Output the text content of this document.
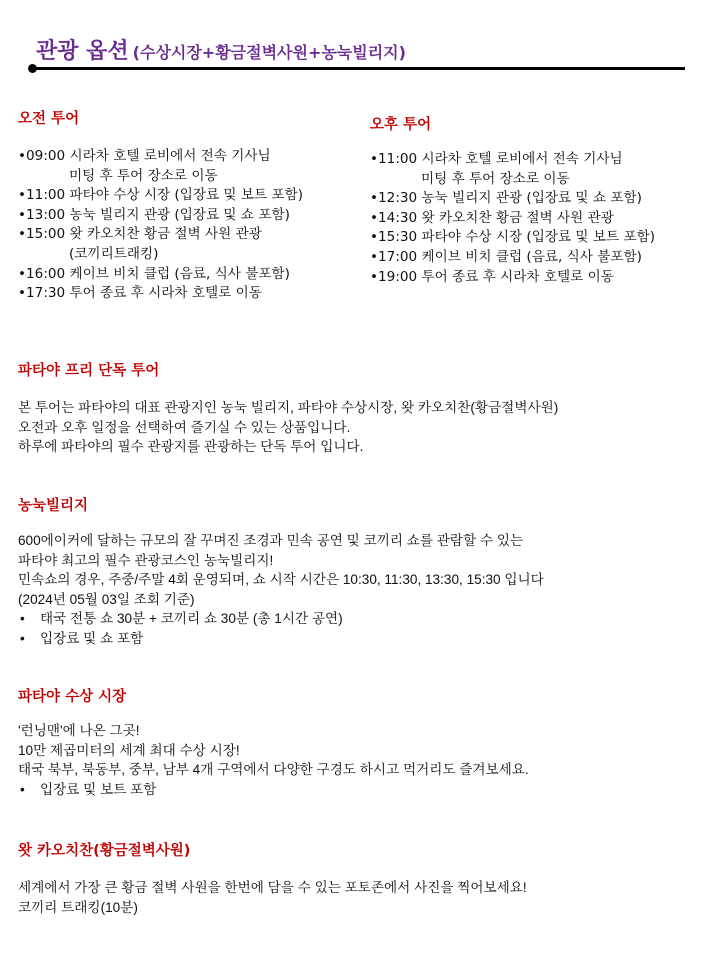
관광 옵션 (수상시장+황금절벽사원+농눅빌리지)
오전 투어
•09:00 시라차 호텔 로비에서 전속 기사님
미팅 후 투어 장소로 이동
•11:00 파타야 수상 시장 (입장료 및 보트 포함)
•13:00 농눅 빌리지 관광 (입장료 및 쇼 포함)
•15:00 왓 카오치찬 황금 절벽 사원 관광
(코끼리트래킹)
•16:00 케이브 비치 클럽 (음료, 식사 불포함)
•17:30 투어 종료 후 시라차 호텔로 이동
오후 투어
•11:00 시라차 호텔 로비에서 전속 기사님
미팅 후 투어 장소로 이동
•12:30 농눅 빌리지 관광 (입장료 및 쇼 포함)
•14:30 왓 카오치찬 황금 절벽 사원 관광
•15:30 파타야 수상 시장 (입장료 및 보트 포함)
•17:00 케이브 비치 클럽 (음료, 식사 불포함)
•19:00 투어 종료 후 시라차 호텔로 이동
파타야 프리 단독 투어
본 투어는 파타야의 대표 관광지인 농눅 빌리지, 파타야 수상시장, 왓 카오치찬(황금절벽사원)
오전과 오후 일정을 선택하여 즐기실 수 있는 상품입니다.
하루에 파타야의 필수 관광지를 관광하는 단독 투어 입니다.
농눅빌리지
600에이커에 달하는 규모의 잘 꾸며진 조경과 민속 공연 및 코끼리 쇼를 관람할 수 있는
파타야 최고의 필수 관광코스인 농눅빌리지!
민속쇼의 경우, 주중/주말 4회 운영되며, 쇼 시작 시간은 10:30, 11:30, 13:30, 15:30 입니다
(2024년 05월 03일 조회 기준)
• 태국 전통 쇼 30분 + 코끼리 쇼 30분 (총 1시간 공연)
• 입장료 및 쇼 포함
파타야 수상 시장
'런닝맨'에 나온 그곳!
10만 제곱미터의 세계 최대 수상 시장!
태국 북부, 북동부, 중부, 남부 4개 구역에서 다양한 구경도 하시고 먹거리도 즐겨보세요.
• 입장료 및 보트 포함
왓 카오치찬(황금절벽사원)
세계에서 가장 큰 황금 절벽 사원을 한번에 담을 수 있는 포토존에서 사진을 찍어보세요!
코끼리 트래킹(10분)
